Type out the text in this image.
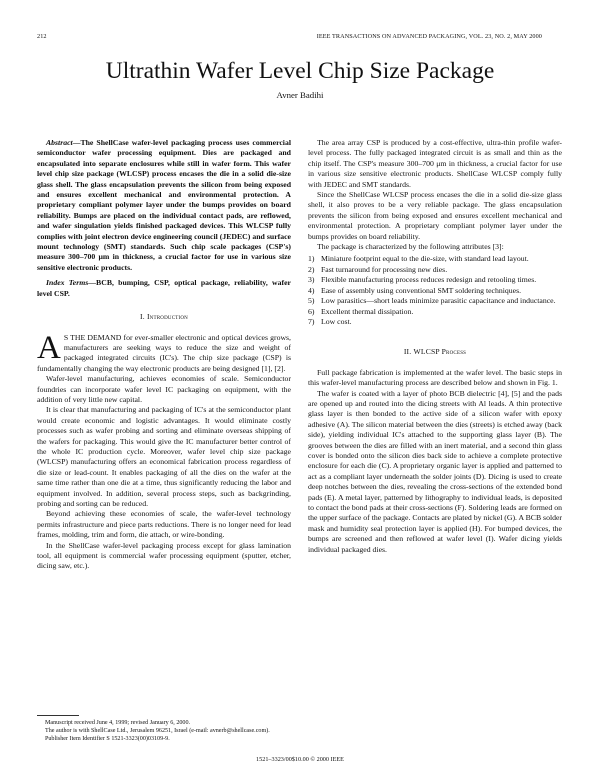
212	IEEE TRANSACTIONS ON ADVANCED PACKAGING, VOL. 23, NO. 2, MAY 2000
Ultrathin Wafer Level Chip Size Package
Avner Badihi

Abstract—The ShellCase wafer-level packaging process uses commercial semiconductor wafer processing equipment. Dies are packaged and encapsulated into separate enclosures while still in wafer form. This wafer level chip size package (WLCSP) process encases the die in a solid die-size glass shell. The glass encapsulation prevents the silicon from being exposed and ensures excellent mechanical and environmental protection. A proprietary compliant polymer layer under the bumps provides on board reliability. Bumps are placed on the individual contact pads, are reflowed, and wafer singulation yields finished packaged devices. This WLCSP fully complies with joint electron device engineering council (JEDEC) and surface mount technology (SMT) standards. Such chip scale packages (CSP's) measure 300–700 μm in thickness, a crucial factor for use in various size sensitive electronic products.

Index Terms—BCB, bumping, CSP, optical package, reliability, wafer level CSP.

I. Introduction

A S THE DEMAND for ever-smaller electronic and optical devices grows, manufacturers are seeking ways to reduce the size and weight of packaged integrated circuits (IC's). The chip size package (CSP) is fundamentally changing the way electronic products are being designed [1], [2].

Wafer-level manufacturing, achieves economies of scale. Semiconductor foundries can incorporate wafer level IC packaging on equipment, with the addition of very little new capital.

It is clear that manufacturing and packaging of IC's at the semiconductor plant would create economic and logistic advantages. It would eliminate costly processes such as wafer probing and sorting and eliminate overseas shipping of the wafers for packaging. This would give the IC manufacturer better control of the whole IC production cycle. Moreover, wafer level chip size package (WLCSP) manufacturing offers an economical fabrication process regardless of die size or lead-count. It enables packaging of all the dies on the wafer at the same time rather than one die at a time, thus significantly reducing the labor and equipment involved. In addition, several process steps, such as backgrinding, probing and sorting can be reduced.

Beyond achieving these economies of scale, the wafer-level technology permits infrastructure and piece parts reductions. There is no longer need for lead frames, molding, trim and form, die attach, or wire-bonding.

In the ShellCase wafer-level packaging process except for glass lamination tool, all equipment is commercial wafer processing equipment (sputter, etcher, dicing saw, etc.).

Manuscript received June 4, 1999; revised January 6, 2000.

The author is with ShellCase Ltd., Jerusalem 96251, Israel (e-mail: avnerb@shellcase.com).

Publisher Item Identifier S 1521-3323(00)03109-9.

The area array CSP is produced by a cost-effective, ultra-thin profile wafer-level process. The fully packaged integrated circuit is as small and thin as the chip itself. The CSP's measure 300–700 μm in thickness, a crucial factor for use in various size sensitive electronic products. ShellCase WLCSP comply fully with JEDEC and SMT standards.

Since the ShellCase WLCSP process encases the die in a solid die-size glass shell, it also proves to be a very reliable package. The glass encapsulation prevents the silicon from being exposed and ensures excellent mechanical and environmental protection. A proprietary compliant polymer layer under the bumps provides on board reliability.

The package is characterized by the following attributes [3]:

1) Miniature footprint equal to the die-size, with standard lead layout.
2) Fast turnaround for processing new dies.
3) Flexible manufacturing process reduces redesign and retooling times.
4) Ease of assembly using conventional SMT soldering techniques.
5) Low parasitics—short leads minimize parasitic capacitance and inductance.
6) Excellent thermal dissipation.
7) Low cost.
II. WLCSP Process

Full package fabrication is implemented at the wafer level. The basic steps in this wafer-level manufacturing process are described below and shown in Fig. 1.

The wafer is coated with a layer of photo BCB dielectric [4], [5] and the pads are opened up and routed into the dicing streets with Al leads. A thin protective glass layer is then bonded to the active side of a silicon wafer with epoxy adhesive (A). The silicon material between the dies (streets) is etched away (back side), yielding individual IC's attached to the supporting glass layer (B). The grooves between the dies are filled with an inert material, and a second thin glass cover is bonded onto the silicon dies back side to achieve a complete protective enclosure for each die (C). A proprietary organic layer is applied and patterned to act as a compliant layer underneath the solder joints (D). Dicing is used to create deep notches between the dies, revealing the cross-sections of the extended bond pads (E). A metal layer, patterned by lithography to individual leads, is deposited to contact the bond pads at their cross-sections (F). Soldering leads are formed on the upper surface of the package. Contacts are plated by nickel (G). A BCB solder mask and humidity seal protection layer is applied (H). For bumped devices, the bumps are screened and then reflowed at wafer level (I). Wafer dicing yields individual packaged dies.

1521–3323/00$10.00 © 2000 IEEE
